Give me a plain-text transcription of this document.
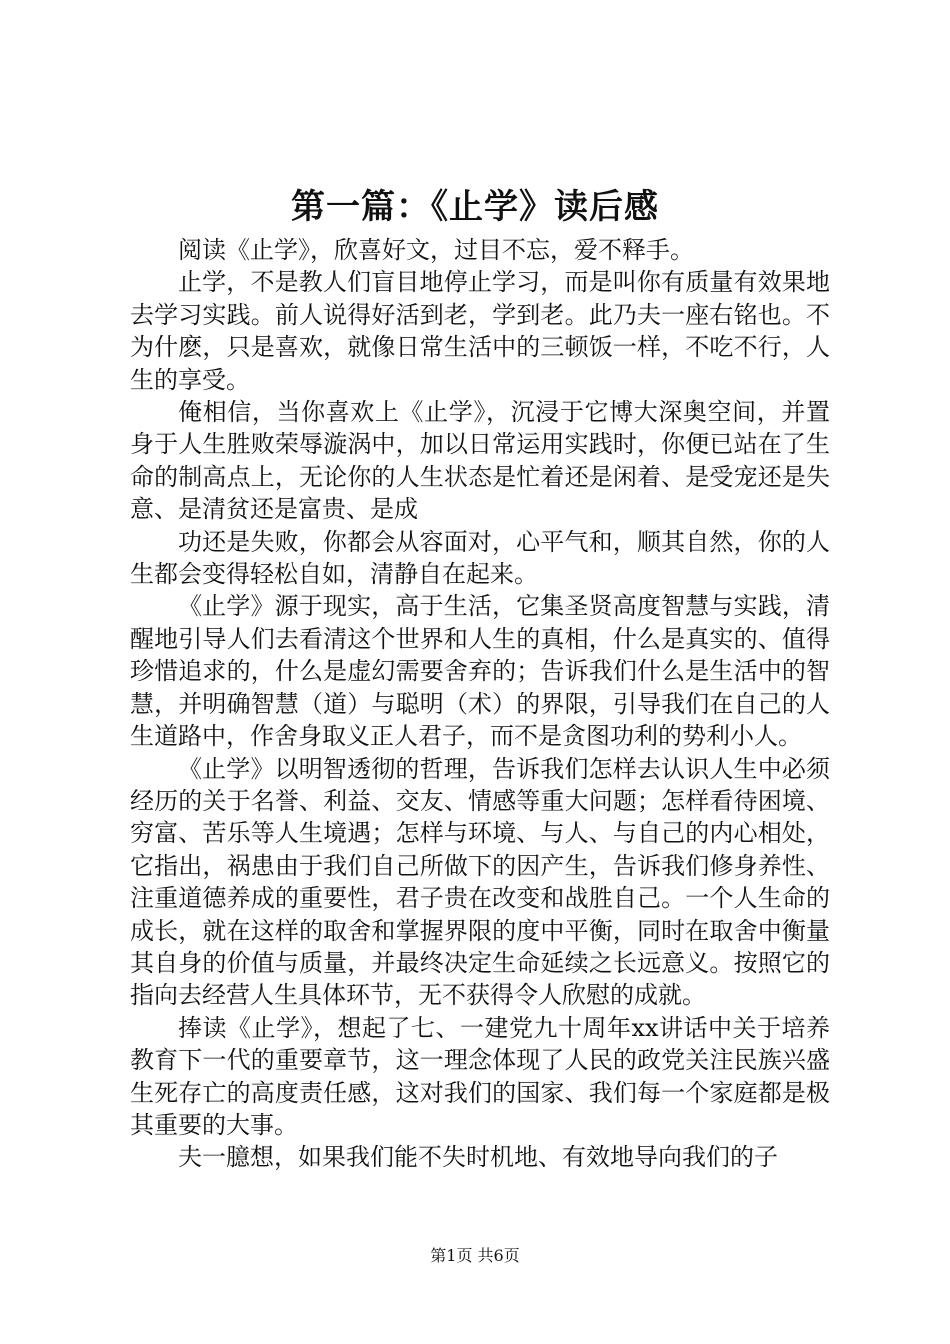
第一篇：《止学》读后感

阅读《止学》，欣喜好文，过目不忘，爱不释手。

止学，不是教人们盲目地停止学习，而是叫你有质量有效果地去学习实践。前人说得好活到老，学到老。此乃夫一座右铭也。不为什麽，只是喜欢，就像日常生活中的三顿饭一样，不吃不行，人生的享受。

俺相信，当你喜欢上《止学》，沉浸于它博大深奥空间，并置身于人生胜败荣辱漩涡中，加以日常运用实践时，你便已站在了生命的制高点上，无论你的人生状态是忙着还是闲着、是受宠还是失意、是清贫还是富贵、是成

功还是失败，你都会从容面对，心平气和，顺其自然，你的人生都会变得轻松自如，清静自在起来。

《止学》源于现实，高于生活，它集圣贤高度智慧与实践，清醒地引导人们去看清这个世界和人生的真相，什么是真实的、值得珍惜追求的，什么是虚幻需要舍弃的；告诉我们什么是生活中的智慧，并明确智慧（道）与聪明（术）的界限，引导我们在自己的人生道路中，作舍身取义正人君子，而不是贪图功利的势利小人。

《止学》以明智透彻的哲理，告诉我们怎样去认识人生中必须经历的关于名誉、利益、交友、情感等重大问题；怎样看待困境、穷富、苦乐等人生境遇；怎样与环境、与人、与自己的内心相处，它指出，祸患由于我们自己所做下的因产生，告诉我们修身养性、注重道德养成的重要性，君子贵在改变和战胜自己。一个人生命的成长，就在这样的取舍和掌握界限的度中平衡，同时在取舍中衡量其自身的价值与质量，并最终决定生命延续之长远意义。按照它的指向去经营人生具体环节，无不获得令人欣慰的成就。

捧读《止学》，想起了七、一建党九十周年xx讲话中关于培养教育下一代的重要章节，这一理念体现了人民的政党关注民族兴盛生死存亡的高度责任感，这对我们的国家、我们每一个家庭都是极其重要的大事。

夫一臆想，如果我们能不失时机地、有效地导向我们的子

第1页 共6页
